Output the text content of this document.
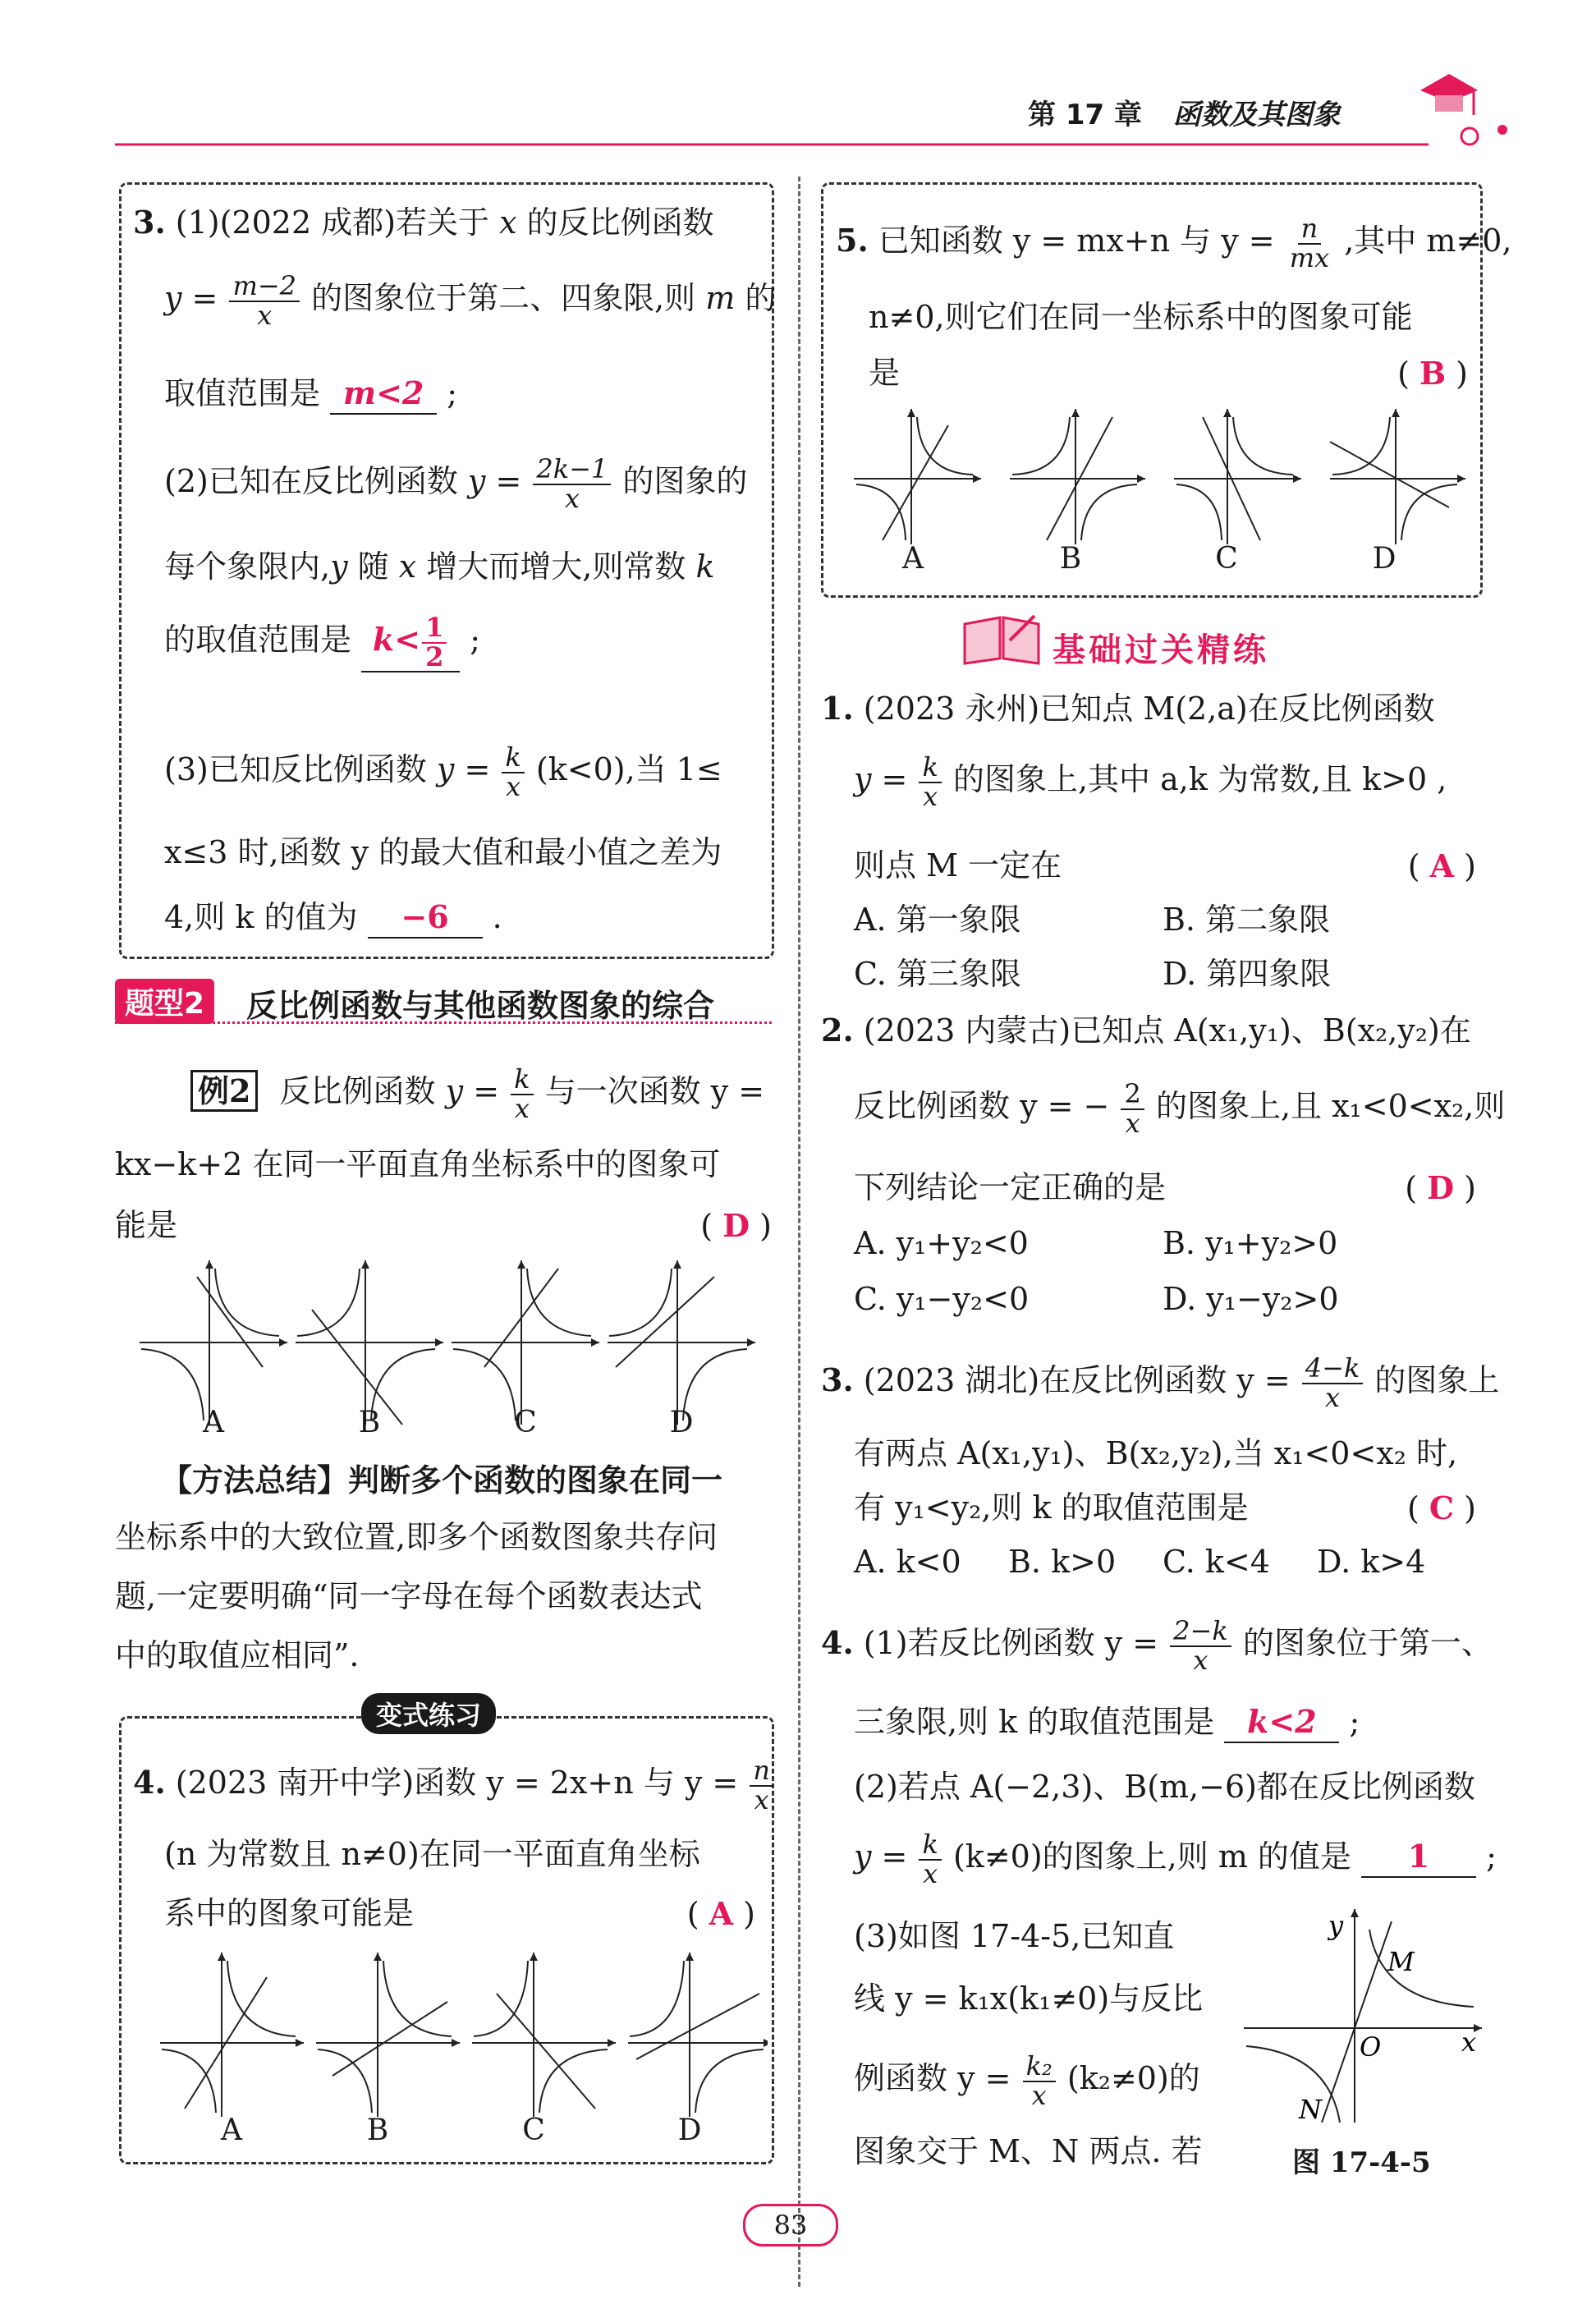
第 17 章 函数及其图象
3. (1)(2022 成都)若关于 x 的反比例函数
$y = \frac{m-2}{x}$ 的图象位于第二、四象限,则 m 的
取值范围是 m<2 ;
(2)已知在反比例函数 $y = \frac{2k-1}{x}$ 的图象的
每个象限内,y 随 x 增大而增大,则常数 k
的取值范围是 $k< \frac{1}{2}$ ;
(3)已知反比例函数 $y = \frac{k}{x} (k<0)$,当 1≤
x≤3 时,函数 y 的最大值和最小值之差为
4,则 k 的值为 −6 .
题型2	反比例函数与其他函数图象的综合
例2 反比例函数 $y = \frac{k}{x}$ 与一次函数 y =
kx−k+2 在同一平面直角坐标系中的图象可
能是	( D )
A	B	C	D
【方法总结】判断多个函数的图象在同一
坐标系中的大致位置,即多个函数图象共存问
题,一定要明确“同一字母在每个函数表达式
中的取值应相同”.
变式练习
4. (2023 南开中学)函数 y = 2x+n 与 $y = \frac{n}{x}$
(n 为常数且 n≠0)在同一平面直角坐标
系中的图象可能是	( A )
A	B	C	D
5. 已知函数 y = mx+n 与 $y = \frac{n}{mx}$ ,其中 m≠0,
n≠0,则它们在同一坐标系中的图象可能
是	( B )
A	B	C	D
基础过关精练
1. (2023 永州)已知点 M(2,a)在反比例函数
$y = \frac{k}{x}$ 的图象上,其中 a,k 为常数,且 k>0 ,
则点 M 一定在	( A )
A. 第一象限	B. 第二象限
C. 第三象限	D. 第四象限
2. (2023 内蒙古)已知点 A(x₁,y₁)、B(x₂,y₂)在
反比例函数 y = − $\frac{2}{x}$ 的图象上,且 x₁<0<x₂,则
下列结论一定正确的是	( D )
A. y₁+y₂<0	B. y₁+y₂>0
C. y₁−y₂<0	D. y₁−y₂>0
3. (2023 湖北)在反比例函数 $y = \frac{4-k}{x}$ 的图象上
有两点 A(x₁,y₁)、B(x₂,y₂),当 x₁<0<x₂ 时,
有 y₁<y₂,则 k 的取值范围是	( C )
A. k<0 B. k>0 C. k<4 D. k>4
4. (1)若反比例函数 $y = \frac{2-k}{x}$ 的图象位于第一、
三象限,则 k 的取值范围是 k<2 ;
(2)若点 A(−2,3)、B(m,−6)都在反比例函数
$y = \frac{k}{x} (k\ne 0)$的图象上,则 m 的值是 1 ;
(3)如图 17-4-5,已知直
线 y = k₁x(k₁≠0)与反比
例函数 $y = \frac{\text{k₂}}{x} (k_2\ne 0)$的
图象交于 M、N 两点. 若
y
x
O
M
N
图 17-4-5
83
